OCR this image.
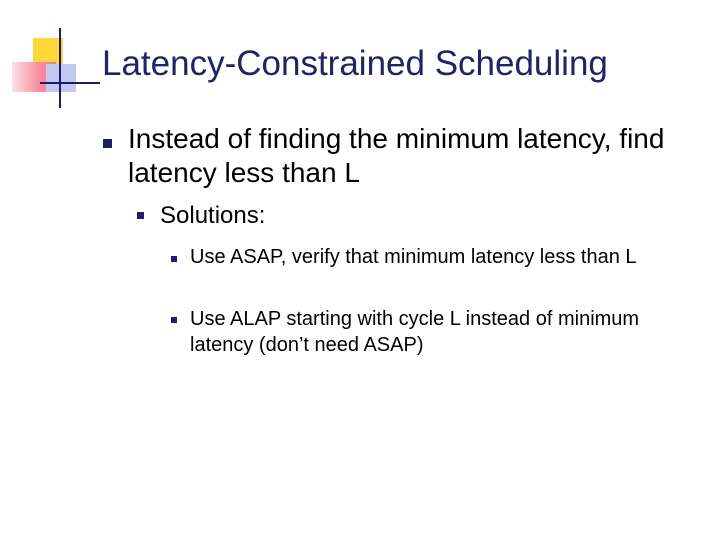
Latency-Constrained Scheduling

Instead of finding the minimum latency, find latency less than L

Solutions:

Use ASAP, verify that minimum latency less than L

Use ALAP starting with cycle L instead of minimum latency (don’t need ASAP)
